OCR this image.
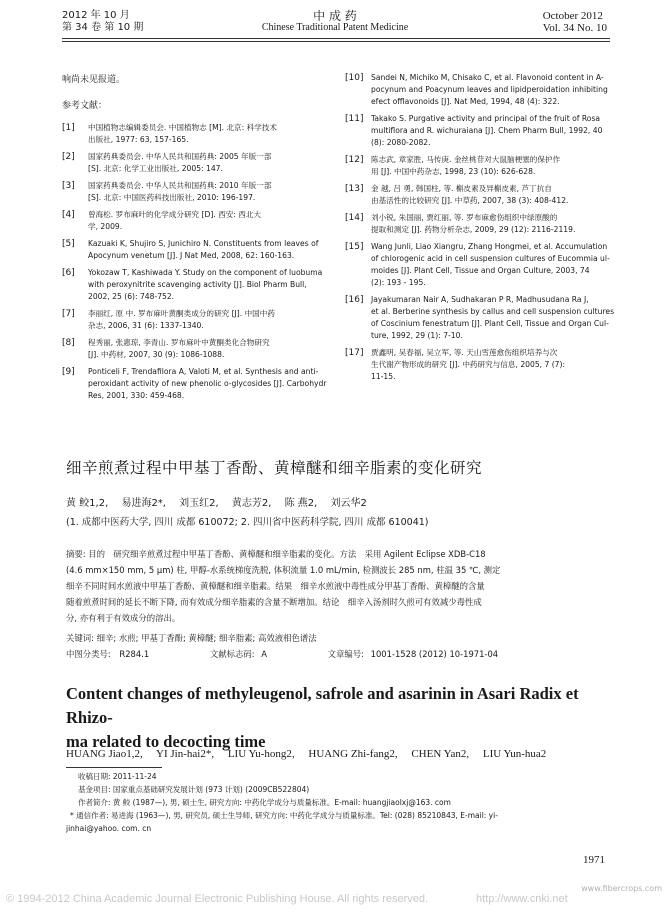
2012 年 10 月
第 34 卷 第 10 期
中 成 药
Chinese Traditional Patent Medicine
October 2012
Vol. 34 No. 10
响尚未见报道。
参考文献：
[1] 中国植物志编辑委员会. 中国植物志 [M]. 北京: 科学技术
出版社, 1977: 63, 157-165.
[2] 国家药典委员会. 中华人民共和国药典: 2005 年版一部
[S]. 北京: 化学工业出版社, 2005: 147.
[3] 国家药典委员会. 中华人民共和国药典: 2010 年版一部
[S]. 北京: 中国医药科技出版社, 2010: 196-197.
[4] 曾海松. 罗布麻叶的化学成分研究 [D]. 西安: 西北大
学, 2009.
[5] Kazuaki K, Shujiro S, Junichiro N. Constituents from leaves of
Apocynum venetum [J]. J Nat Med, 2008, 62: 160-163.
[6] Yokozaw T, Kashiwada Y. Study on the component of luobuma
with peroxynitrite scavenging activity [J]. Biol Pharm Bull,
2002, 25 (6): 748-752.
[7] 李丽红, 原 中. 罗布麻叶黄酮类成分的研究 [J]. 中国中药
杂志, 2006, 31 (6): 1337-1340.
[8] 程秀丽, 张惠琼, 李青山. 罗布麻叶中黄酮类化合物研究
[J]. 中药材, 2007, 30 (9): 1086-1088.
[9] Ponticeli F, Trendafilora A, Valoti M, et al. Synthesis and anti-
peroxidant activity of new phenolic o-glycosides [J]. Carbohydr
Res, 2001, 330: 459-468.
[10] Sandei N, Michiko M, Chisako C, et al. Flavonoid content in A-
pocynum and Poacynum leaves and lipidperoidation inhibiting
efect offlavonoids [J]. Nat Med, 1994, 48 (4): 322.
[11] Takako S. Purgative activity and principal of the fruit of Rosa
multiflora and R. wichuraiana [J]. Chem Pharm Bull, 1992, 40
(8): 2080-2082.
[12] 陈志武, 章家胜, 马传庚. 金丝桃苷对大鼠脑梗塞的保护作
用 [J]. 中国中药杂志, 1998, 23 (10): 626-628.
[13] 金 越, 吕 勇, 韩国柱, 等. 槲皮素及异槲皮素, 芦丁抗自
由基活性的比较研究 [J]. 中草药, 2007, 38 (3): 408-412.
[14] 刘小锐, 朱国丽, 贾红丽, 等. 罗布麻愈伤组织中绿原酸的
提取和测定 [J]. 药物分析杂志, 2009, 29 (12): 2116-2119.
[15] Wang Junli, Liao Xiangru, Zhang Hongmei, et al. Accumulation
of chlorogenic acid in cell suspension cultures of Eucommia ul-
moides [J]. Plant Cell, Tissue and Organ Culture, 2003, 74
(2): 193 - 195.
[16] Jayakumaran Nair A, Sudhakaran P R, Madhusudana Ra J,
et al. Berberine synthesis by callus and cell suspension cultures
of Coscinium fenestratum [J]. Plant Cell, Tissue and Organ Cul-
ture, 1992, 29 (1): 7-10.
[17] 贾鑫明, 吴春福, 吴立军, 等. 天山雪莲愈伤组织培养与次
生代谢产物形成的研究 [J]. 中药研究与信息, 2005, 7 (7):
11-15.
细辛煎煮过程中甲基丁香酚、黄樟醚和细辛脂素的变化研究
黄 鲛1,2,　 易进海2*,　 刘玉红2,　 黄志芳2,　 陈 燕2,　 刘云华2
(1. 成都中医药大学, 四川 成都 610072; 2. 四川省中医药科学院, 四川 成都 610041)
摘要: 目的　研究细辛煎煮过程中甲基丁香酚、黄樟醚和细辛脂素的变化。方法　采用 Agilent Eclipse XDB-C18
(4.6 mm×150 mm, 5 μm) 柱, 甲醇-水系统梯度洗脱, 体积流量 1.0 mL/min, 检测波长 285 nm, 柱温 35 ℃, 测定
细辛不同时间水煎液中甲基丁香酚、黄樟醚和细辛脂素。结果　细辛水煎液中毒性成分甲基丁香酚、黄樟醚的含量
随着煎煮时间的延长不断下降, 而有效成分细辛脂素的含量不断增加。结论　细辛入汤剂时久煎可有效减少毒性成
分, 亦有利于有效成分的溶出。
关键词: 细辛; 水煎; 甲基丁香酚; 黄樟醚; 细辛脂素; 高效液相色谱法
中图分类号: R284.1	文献标志码: A	文章编号: 1001-1528 (2012) 10-1971-04
Content changes of methyleugenol, safrole and asarinin in Asari Radix et Rhizo-
ma related to decocting time
HUANG Jiao1,2,　 YI Jin-hai2*,　 LIU Yu-hong2,　 HUANG Zhi-fang2,　 CHEN Yan2,　 LIU Yun-hua2
收稿日期: 2011-11-24
基金项目: 国家重点基础研究发展计划 (973 计划) (2009CB522804)
作者简介: 黄 鲛 (1987—), 男, 硕士生, 研究方向: 中药化学成分与质量标准。E-mail: huangjiaolxj@163. com
* 通信作者: 易进海 (1963—), 男, 研究员, 硕士生导师, 研究方向: 中药化学成分与质量标准。Tel: (028) 85210843, E-mail: yi-
jinhai@yahoo. com. cn
1971
© 1994-2012 China Academic Journal Electronic Publishing House. All rights reserved.	http://www.cnki.net
www.fibercrops.com
